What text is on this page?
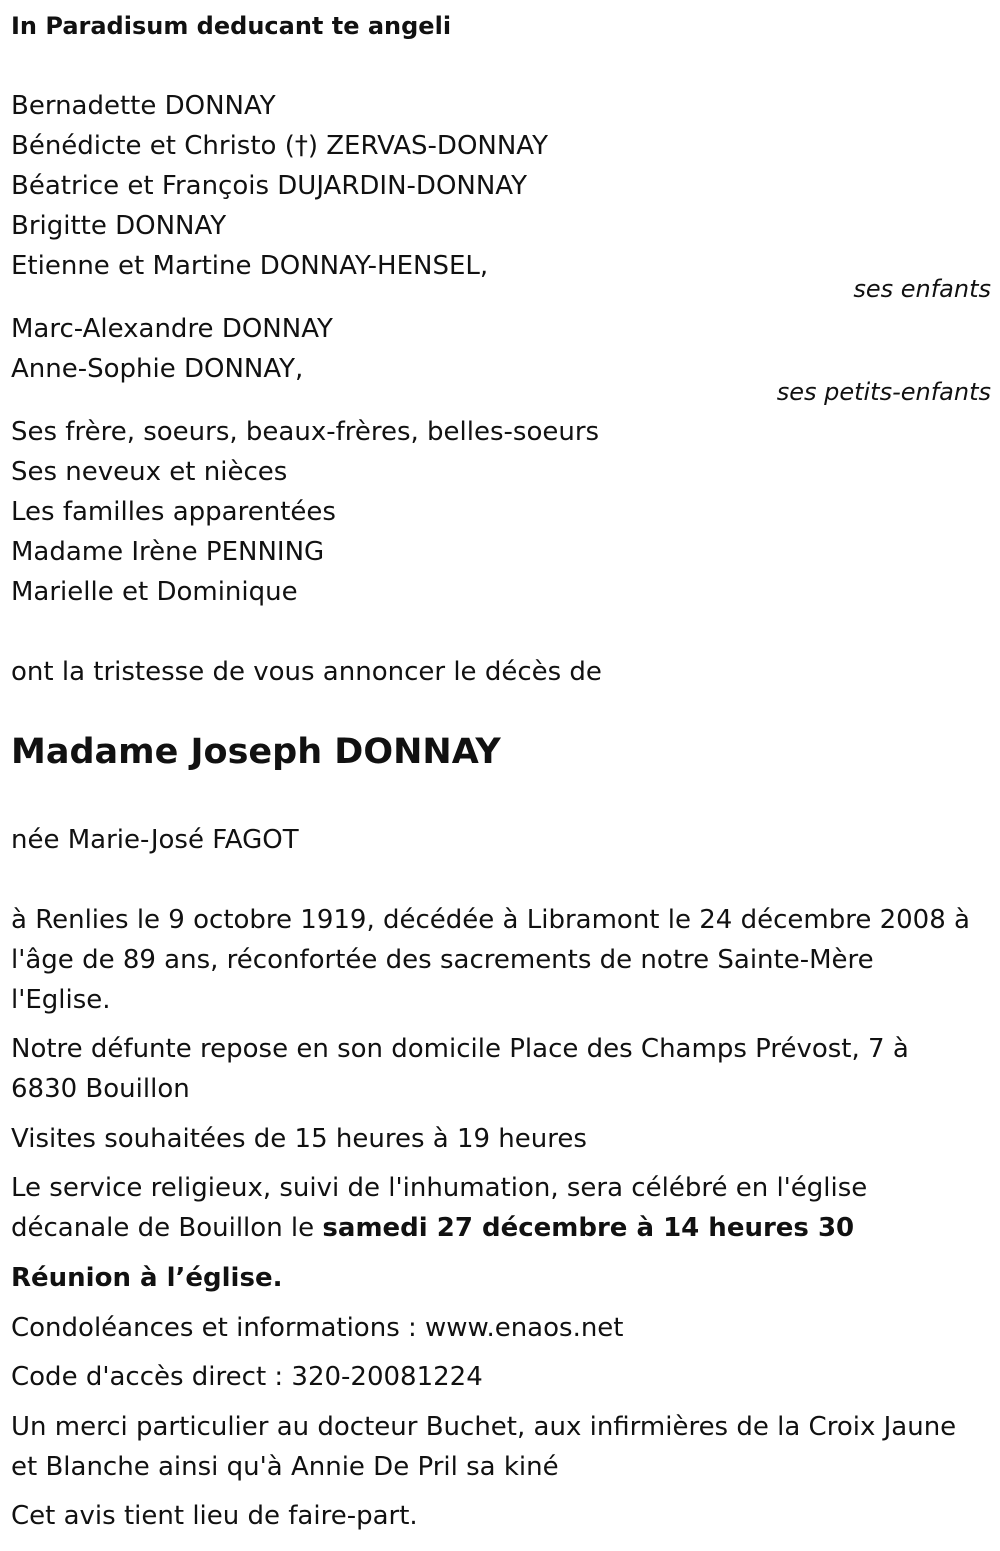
In Paradisum deducant te angeli
Bernadette DONNAY
Bénédicte et Christo (†) ZERVAS-DONNAY
Béatrice et François DUJARDIN-DONNAY
Brigitte DONNAY
Etienne et Martine DONNAY-HENSEL,
ses enfants
Marc-Alexandre DONNAY
Anne-Sophie DONNAY,
ses petits-enfants
Ses frère, soeurs, beaux-frères, belles-soeurs
Ses neveux et nièces
Les familles apparentées
Madame Irène PENNING
Marielle et Dominique
ont la tristesse de vous annoncer le décès de
Madame Joseph DONNAY
née Marie-José FAGOT
à Renlies le 9 octobre 1919, décédée à Libramont le 24 décembre 2008 à
l'âge de 89 ans, réconfortée des sacrements de notre Sainte-Mère
l'Eglise.
Notre défunte repose en son domicile Place des Champs Prévost, 7 à
6830 Bouillon
Visites souhaitées de 15 heures à 19 heures
Le service religieux, suivi de l'inhumation, sera célébré en l'église
décanale de Bouillon le samedi 27 décembre à 14 heures 30
Réunion à l’église.
Condoléances et informations : www.enaos.net
Code d'accès direct : 320-20081224
Un merci particulier au docteur Buchet, aux infirmières de la Croix Jaune
et Blanche ainsi qu'à Annie De Pril sa kiné
Cet avis tient lieu de faire-part.
